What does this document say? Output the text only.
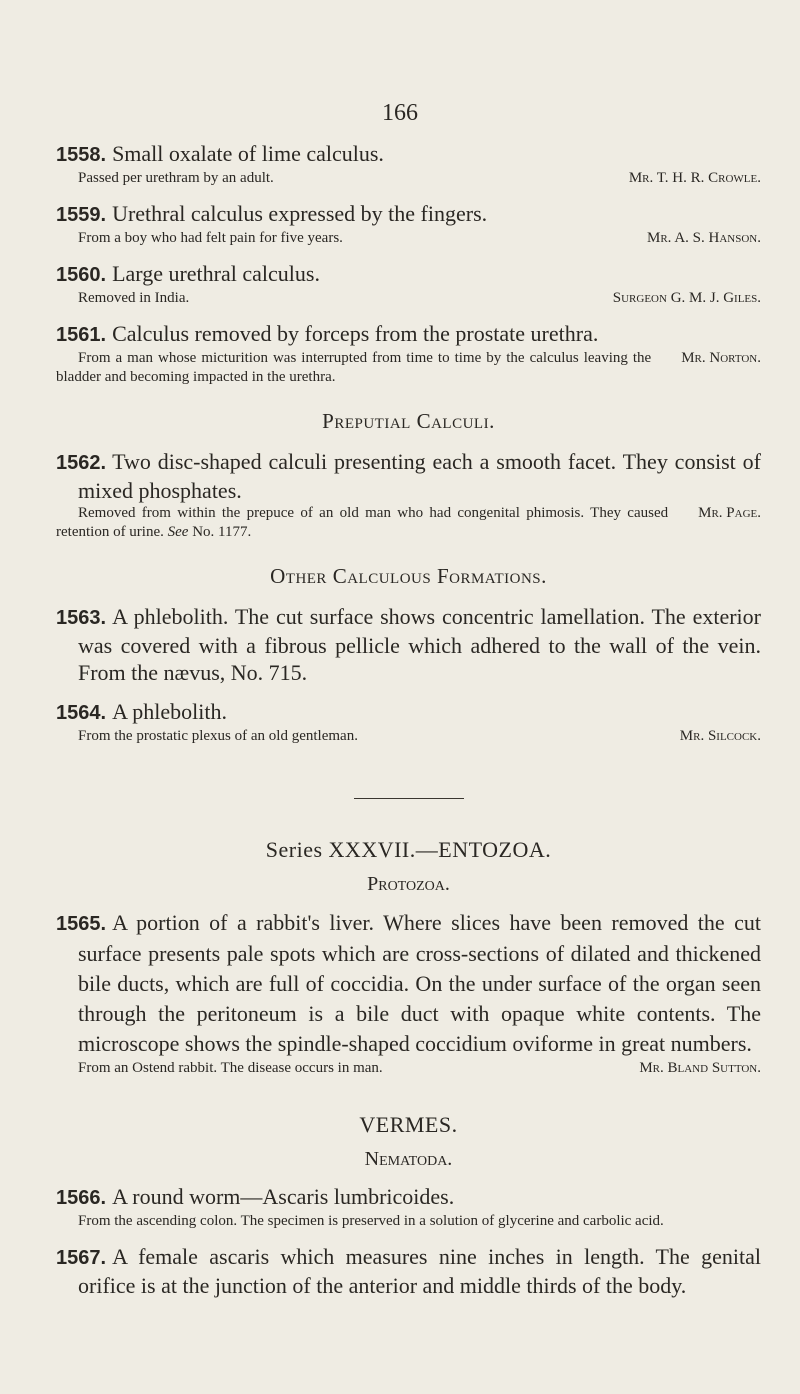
166
1558. Small oxalate of lime calculus.
Passed per urethram by an adult.	Mr. T. H. R. Crowle.
1559. Urethral calculus expressed by the fingers.
From a boy who had felt pain for five years.	Mr. A. S. Hanson.
1560. Large urethral calculus.
Removed in India.	Surgeon G. M. J. Giles.
1561. Calculus removed by forceps from the prostate urethra.
Mr. Norton.
From a man whose micturition was interrupted from time to time by the calculus leaving the bladder and becoming impacted in the urethra.
Preputial Calculi.
1562. Two disc-shaped calculi presenting each a smooth facet. They consist of mixed phosphates.
Mr. Page.
Removed from within the prepuce of an old man who had congenital phimosis. They caused retention of urine. See No. 1177.
Other Calculous Formations.
1563. A phlebolith. The cut surface shows concentric lamellation. The exterior was covered with a fibrous pellicle which adhered to the wall of the vein. From the nævus, No. 715.
1564. A phlebolith.
From the prostatic plexus of an old gentleman.	Mr. Silcock.
Series XXXVII.—ENTOZOA.
Protozoa.
1565. A portion of a rabbit's liver. Where slices have been removed the cut surface presents pale spots which are cross-sections of dilated and thickened bile ducts, which are full of coccidia. On the under surface of the organ seen through the peritoneum is a bile duct with opaque white contents. The microscope shows the spindle-shaped coccidium oviforme in great numbers.
From an Ostend rabbit. The disease occurs in man.	Mr. Bland Sutton.
VERMES.
Nematoda.
1566. A round worm—Ascaris lumbricoides.
From the ascending colon. The specimen is preserved in a solution of glycerine and carbolic acid.
1567. A female ascaris which measures nine inches in length. The genital orifice is at the junction of the anterior and middle thirds of the body.
